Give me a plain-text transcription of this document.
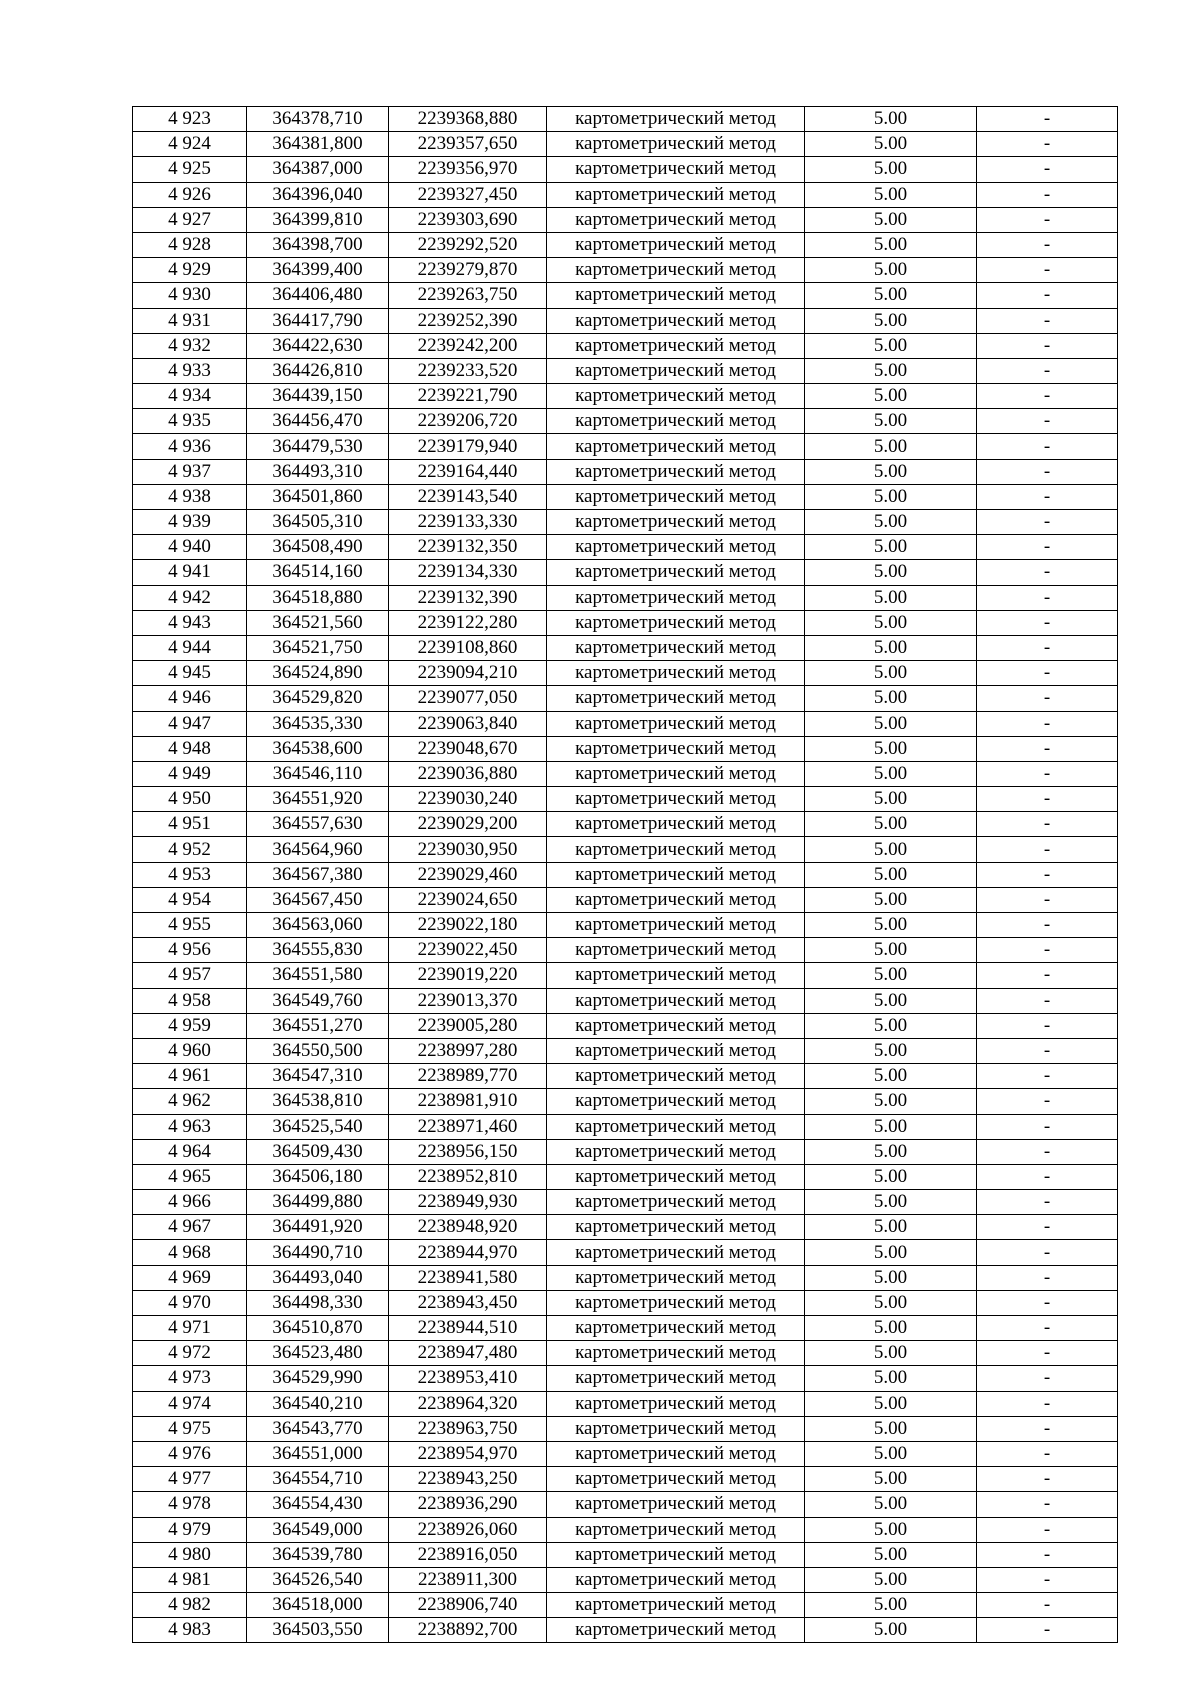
4 923	364378,710	2239368,880	картометрический метод	5.00	-
4 924	364381,800	2239357,650	картометрический метод	5.00	-
4 925	364387,000	2239356,970	картометрический метод	5.00	-
4 926	364396,040	2239327,450	картометрический метод	5.00	-
4 927	364399,810	2239303,690	картометрический метод	5.00	-
4 928	364398,700	2239292,520	картометрический метод	5.00	-
4 929	364399,400	2239279,870	картометрический метод	5.00	-
4 930	364406,480	2239263,750	картометрический метод	5.00	-
4 931	364417,790	2239252,390	картометрический метод	5.00	-
4 932	364422,630	2239242,200	картометрический метод	5.00	-
4 933	364426,810	2239233,520	картометрический метод	5.00	-
4 934	364439,150	2239221,790	картометрический метод	5.00	-
4 935	364456,470	2239206,720	картометрический метод	5.00	-
4 936	364479,530	2239179,940	картометрический метод	5.00	-
4 937	364493,310	2239164,440	картометрический метод	5.00	-
4 938	364501,860	2239143,540	картометрический метод	5.00	-
4 939	364505,310	2239133,330	картометрический метод	5.00	-
4 940	364508,490	2239132,350	картометрический метод	5.00	-
4 941	364514,160	2239134,330	картометрический метод	5.00	-
4 942	364518,880	2239132,390	картометрический метод	5.00	-
4 943	364521,560	2239122,280	картометрический метод	5.00	-
4 944	364521,750	2239108,860	картометрический метод	5.00	-
4 945	364524,890	2239094,210	картометрический метод	5.00	-
4 946	364529,820	2239077,050	картометрический метод	5.00	-
4 947	364535,330	2239063,840	картометрический метод	5.00	-
4 948	364538,600	2239048,670	картометрический метод	5.00	-
4 949	364546,110	2239036,880	картометрический метод	5.00	-
4 950	364551,920	2239030,240	картометрический метод	5.00	-
4 951	364557,630	2239029,200	картометрический метод	5.00	-
4 952	364564,960	2239030,950	картометрический метод	5.00	-
4 953	364567,380	2239029,460	картометрический метод	5.00	-
4 954	364567,450	2239024,650	картометрический метод	5.00	-
4 955	364563,060	2239022,180	картометрический метод	5.00	-
4 956	364555,830	2239022,450	картометрический метод	5.00	-
4 957	364551,580	2239019,220	картометрический метод	5.00	-
4 958	364549,760	2239013,370	картометрический метод	5.00	-
4 959	364551,270	2239005,280	картометрический метод	5.00	-
4 960	364550,500	2238997,280	картометрический метод	5.00	-
4 961	364547,310	2238989,770	картометрический метод	5.00	-
4 962	364538,810	2238981,910	картометрический метод	5.00	-
4 963	364525,540	2238971,460	картометрический метод	5.00	-
4 964	364509,430	2238956,150	картометрический метод	5.00	-
4 965	364506,180	2238952,810	картометрический метод	5.00	-
4 966	364499,880	2238949,930	картометрический метод	5.00	-
4 967	364491,920	2238948,920	картометрический метод	5.00	-
4 968	364490,710	2238944,970	картометрический метод	5.00	-
4 969	364493,040	2238941,580	картометрический метод	5.00	-
4 970	364498,330	2238943,450	картометрический метод	5.00	-
4 971	364510,870	2238944,510	картометрический метод	5.00	-
4 972	364523,480	2238947,480	картометрический метод	5.00	-
4 973	364529,990	2238953,410	картометрический метод	5.00	-
4 974	364540,210	2238964,320	картометрический метод	5.00	-
4 975	364543,770	2238963,750	картометрический метод	5.00	-
4 976	364551,000	2238954,970	картометрический метод	5.00	-
4 977	364554,710	2238943,250	картометрический метод	5.00	-
4 978	364554,430	2238936,290	картометрический метод	5.00	-
4 979	364549,000	2238926,060	картометрический метод	5.00	-
4 980	364539,780	2238916,050	картометрический метод	5.00	-
4 981	364526,540	2238911,300	картометрический метод	5.00	-
4 982	364518,000	2238906,740	картометрический метод	5.00	-
4 983	364503,550	2238892,700	картометрический метод	5.00	-
